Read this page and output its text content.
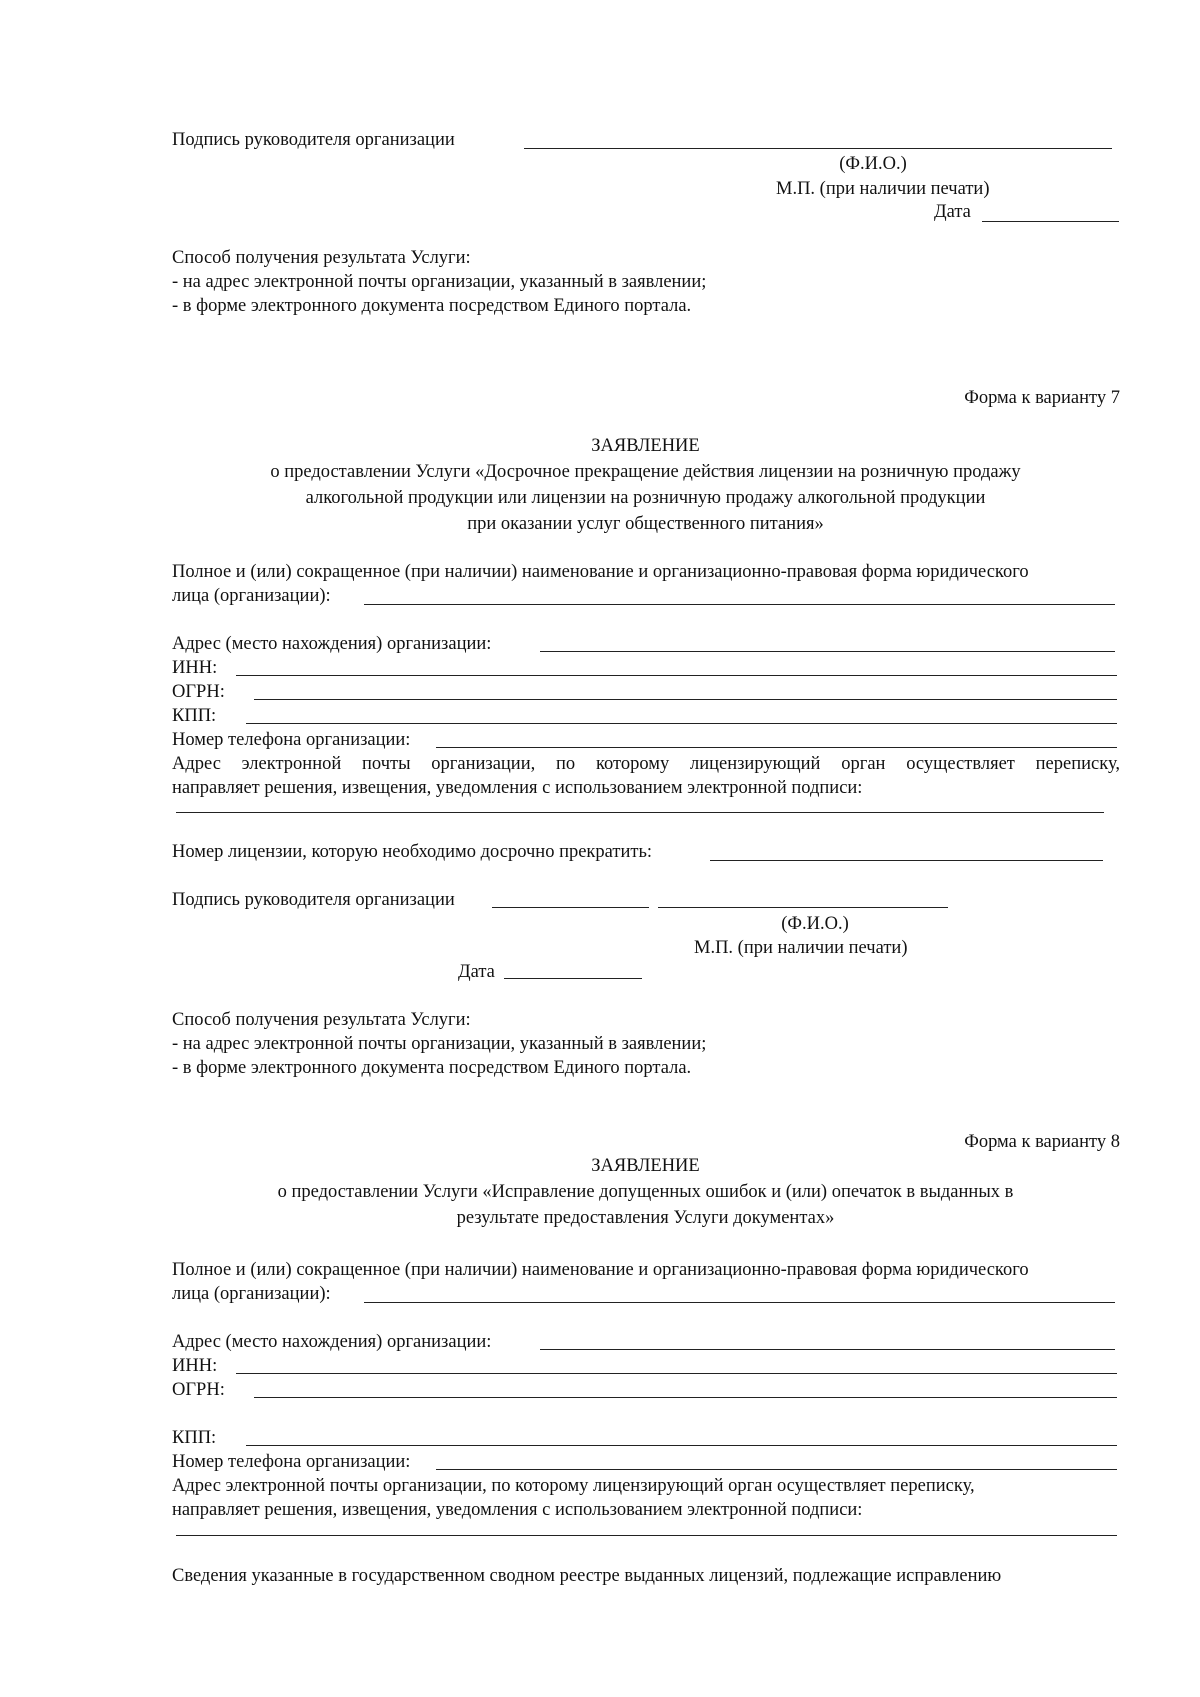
Подпись руководителя организации
(Ф.И.О.)
М.П. (при наличии печати)
Дата
Способ получения результата Услуги:
- на адрес электронной почты организации, указанный в заявлении;
- в форме электронного документа посредством Единого портала.
Форма к варианту 7
ЗАЯВЛЕНИЕ
о предоставлении Услуги «Досрочное прекращение действия лицензии на розничную продажу
алкогольной продукции или лицензии на розничную продажу алкогольной продукции
при оказании услуг общественного питания»
Полное и (или) сокращенное (при наличии) наименование и организационно-правовая форма юридического
лица (организации):
Адрес (место нахождения) организации:
ИНН:
ОГРН:
КПП:
Номер телефона организации:
Адрес электронной почты организации, по которому лицензирующий орган осуществляет переписку,
направляет решения, извещения, уведомления с использованием электронной подписи:
Номер лицензии, которую необходимо досрочно прекратить:
Подпись руководителя организации
(Ф.И.О.)
М.П. (при наличии печати)
Дата
Способ получения результата Услуги:
- на адрес электронной почты организации, указанный в заявлении;
- в форме электронного документа посредством Единого портала.
Форма к варианту 8
ЗАЯВЛЕНИЕ
о предоставлении Услуги «Исправление допущенных ошибок и (или) опечаток в выданных в
результате предоставления Услуги документах»
Полное и (или) сокращенное (при наличии) наименование и организационно-правовая форма юридического
лица (организации):
Адрес (место нахождения) организации:
ИНН:
ОГРН:
КПП:
Номер телефона организации:
Адрес электронной почты организации, по которому лицензирующий орган осуществляет переписку,
направляет решения, извещения, уведомления с использованием электронной подписи:
Сведения указанные в государственном сводном реестре выданных лицензий, подлежащие исправлению
